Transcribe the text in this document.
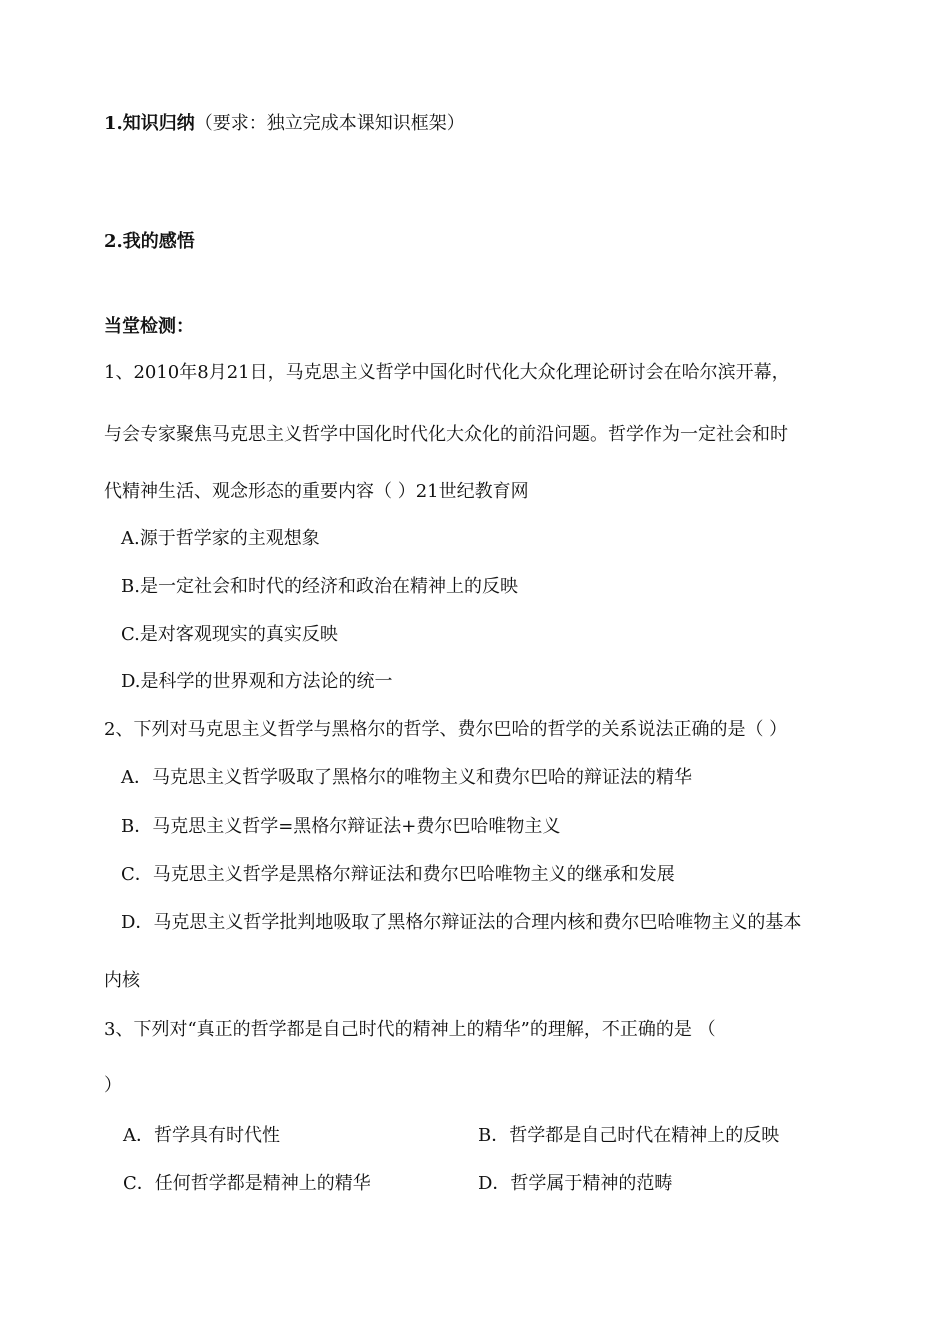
1.知识归纳（要求：独立完成本课知识框架）
2.我的感悟
当堂检测：
1、2010年8月21日，马克思主义哲学中国化时代化大众化理论研讨会在哈尔滨开幕，
与会专家聚焦马克思主义哲学中国化时代化大众化的前沿问题。哲学作为一定社会和时
代精神生活、观念形态的重要内容（ ）21世纪教育网
A.源于哲学家的主观想象
B.是一定社会和时代的经济和政治在精神上的反映
C.是对客观现实的真实反映
D.是科学的世界观和方法论的统一
2、下列对马克思主义哲学与黑格尔的哲学、费尔巴哈的哲学的关系说法正确的是（ ）
A．马克思主义哲学吸取了黑格尔的唯物主义和费尔巴哈的辩证法的精华
B．马克思主义哲学=黑格尔辩证法+费尔巴哈唯物主义
C．马克思主义哲学是黑格尔辩证法和费尔巴哈唯物主义的继承和发展
D．马克思主义哲学批判地吸取了黑格尔辩证法的合理内核和费尔巴哈唯物主义的基本
内核
3、下列对“真正的哲学都是自己时代的精神上的精华”的理解，不正确的是 （
）
A．哲学具有时代性	B．哲学都是自己时代在精神上的反映
C．任何哲学都是精神上的精华	D．哲学属于精神的范畴
